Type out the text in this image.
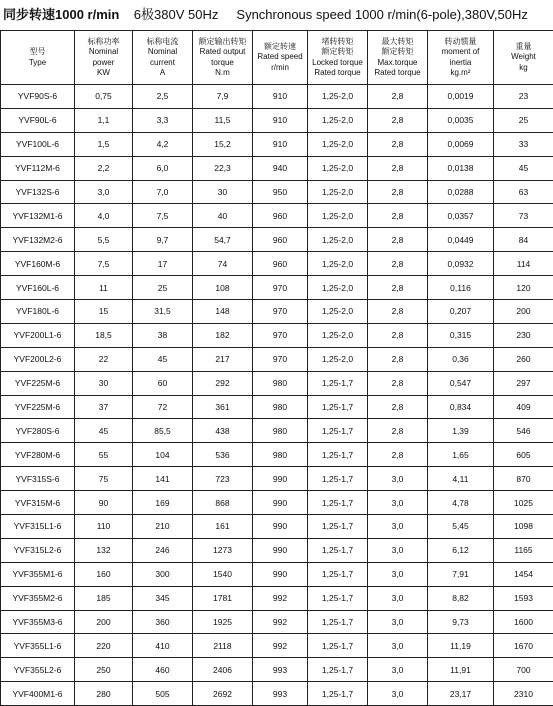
同步转速1000 r/min 6极380V 50Hz Synchronous speed 1000 r/min(6-pole),380V,50Hz
型号
Type	标称功率
Nominal
power
KW	标称电流
Nominal
current
A	额定输出转矩
Rated output
torque
N.m	额定转速
Rated speed
r/min	堵转转矩
额定转矩
Locked torque
Rated torque	最大转矩
额定转矩
Max.torque
Rated torque	转动惯量
moment of
inertia
kg.m²	重量
Weight
kg

YVF90S-6	0,75	2,5	7,9	910	1,25-2,0	2,8	0,0019	23
YVF90L-6	1,1	3,3	11,5	910	1,25-2,0	2,8	0,0035	25
YVF100L-6	1,5	4,2	15,2	910	1,25-2,0	2,8	0,0069	33
YVF112M-6	2,2	6,0	22,3	940	1,25-2,0	2,8	0,0138	45
YVF132S-6	3,0	7,0	30	950	1,25-2,0	2,8	0,0288	63
YVF132M1-6	4,0	7,5	40	960	1,25-2,0	2,8	0,0357	73
YVF132M2-6	5,5	9,7	54,7	960	1,25-2,0	2,8	0,0449	84
YVF160M-6	7,5	17	74	960	1,25-2,0	2,8	0,0932	114
YVF160L-6	11	25	108	970	1,25-2,0	2,8	0,116	120
YVF180L-6	15	31,5	148	970	1,25-2,0	2,8	0,207	200
YVF200L1-6	18,5	38	182	970	1,25-2,0	2,8	0,315	230
YVF200L2-6	22	45	217	970	1,25-2,0	2,8	0,36	260
YVF225M-6	30	60	292	980	1,25-1,7	2,8	0,547	297
YVF225M-6	37	72	361	980	1,25-1,7	2,8	0,834	409
YVF280S-6	45	85,5	438	980	1,25-1,7	2,8	1,39	546
YVF280M-6	55	104	536	980	1,25-1,7	2,8	1,65	605
YVF315S-6	75	141	723	990	1,25-1,7	3,0	4,11	870
YVF315M-6	90	169	868	990	1,25-1,7	3,0	4,78	1025
YVF315L1-6	110	210	161	990	1,25-1,7	3,0	5,45	1098
YVF315L2-6	132	246	1273	990	1,25-1,7	3,0	6,12	1165
YVF355M1-6	160	300	1540	990	1,25-1,7	3,0	7,91	1454
YVF355M2-6	185	345	1781	992	1,25-1,7	3,0	8,82	1593
YVF355M3-6	200	360	1925	992	1,25-1,7	3,0	9,73	1600
YVF355L1-6	220	410	2118	992	1,25-1,7	3,0	11,19	1670
YVF355L2-6	250	460	2406	993	1,25-1,7	3,0	11,91	700
YVF400M1-6	280	505	2692	993	1,25-1,7	3,0	23,17	2310
